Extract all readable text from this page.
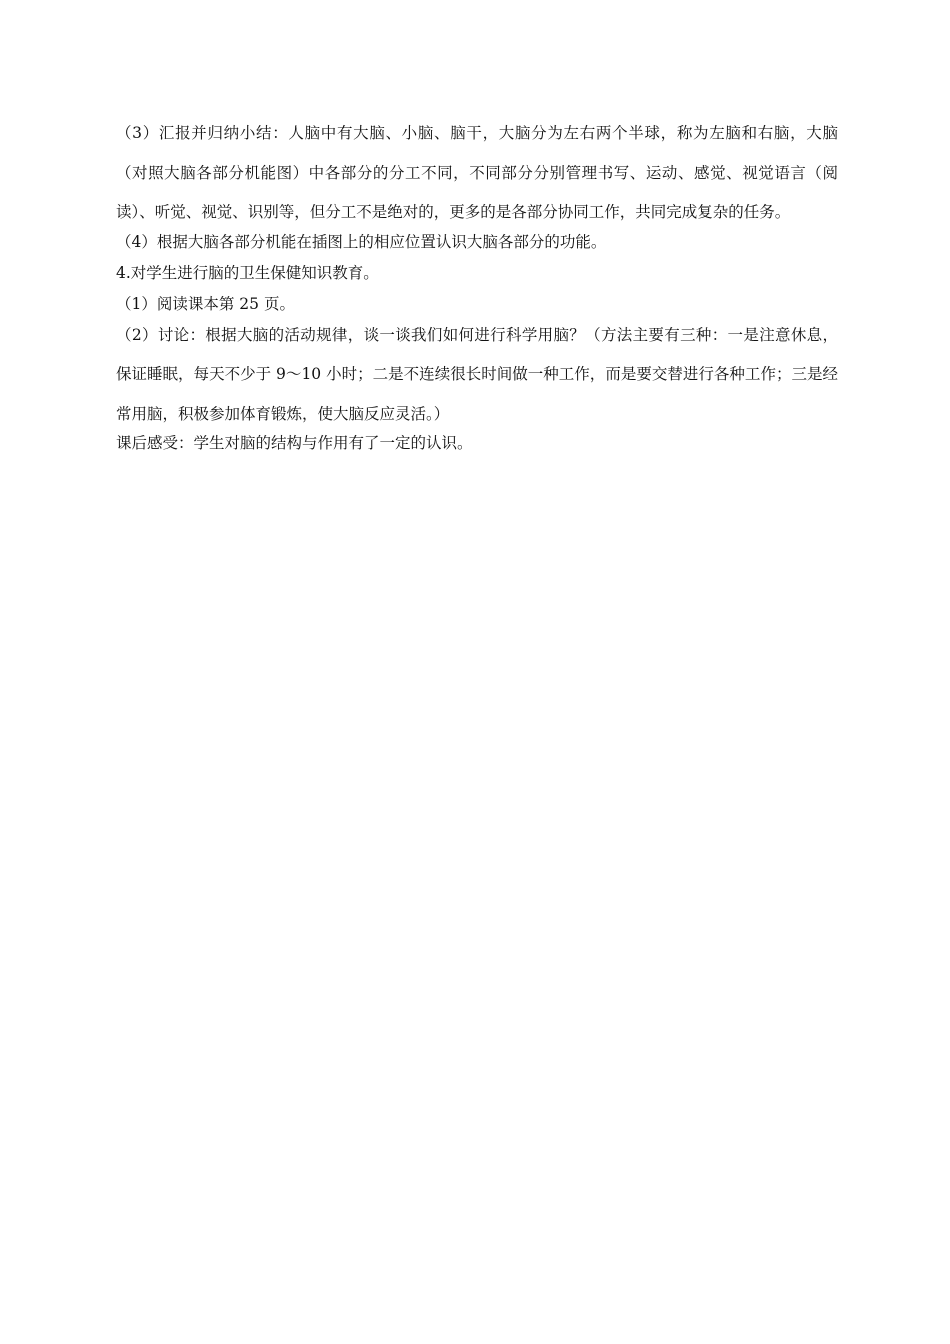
（3）汇报并归纳小结：人脑中有大脑、小脑、脑干，大脑分为左右两个半球，称为左脑和右脑，大脑（对照大脑各部分机能图）中各部分的分工不同，不同部分分别管理书写、运动、感觉、视觉语言（阅读）、听觉、视觉、识别等，但分工不是绝对的，更多的是各部分协同工作，共同完成复杂的任务。

（4）根据大脑各部分机能在插图上的相应位置认识大脑各部分的功能。

4.对学生进行脑的卫生保健知识教育。

（1）阅读课本第 25 页。

（2）讨论：根据大脑的活动规律，谈一谈我们如何进行科学用脑？（方法主要有三种：一是注意休息，保证睡眠，每天不少于 9～10 小时；二是不连续很长时间做一种工作，而是要交替进行各种工作；三是经常用脑，积极参加体育锻炼，使大脑反应灵活。）

课后感受：学生对脑的结构与作用有了一定的认识。
